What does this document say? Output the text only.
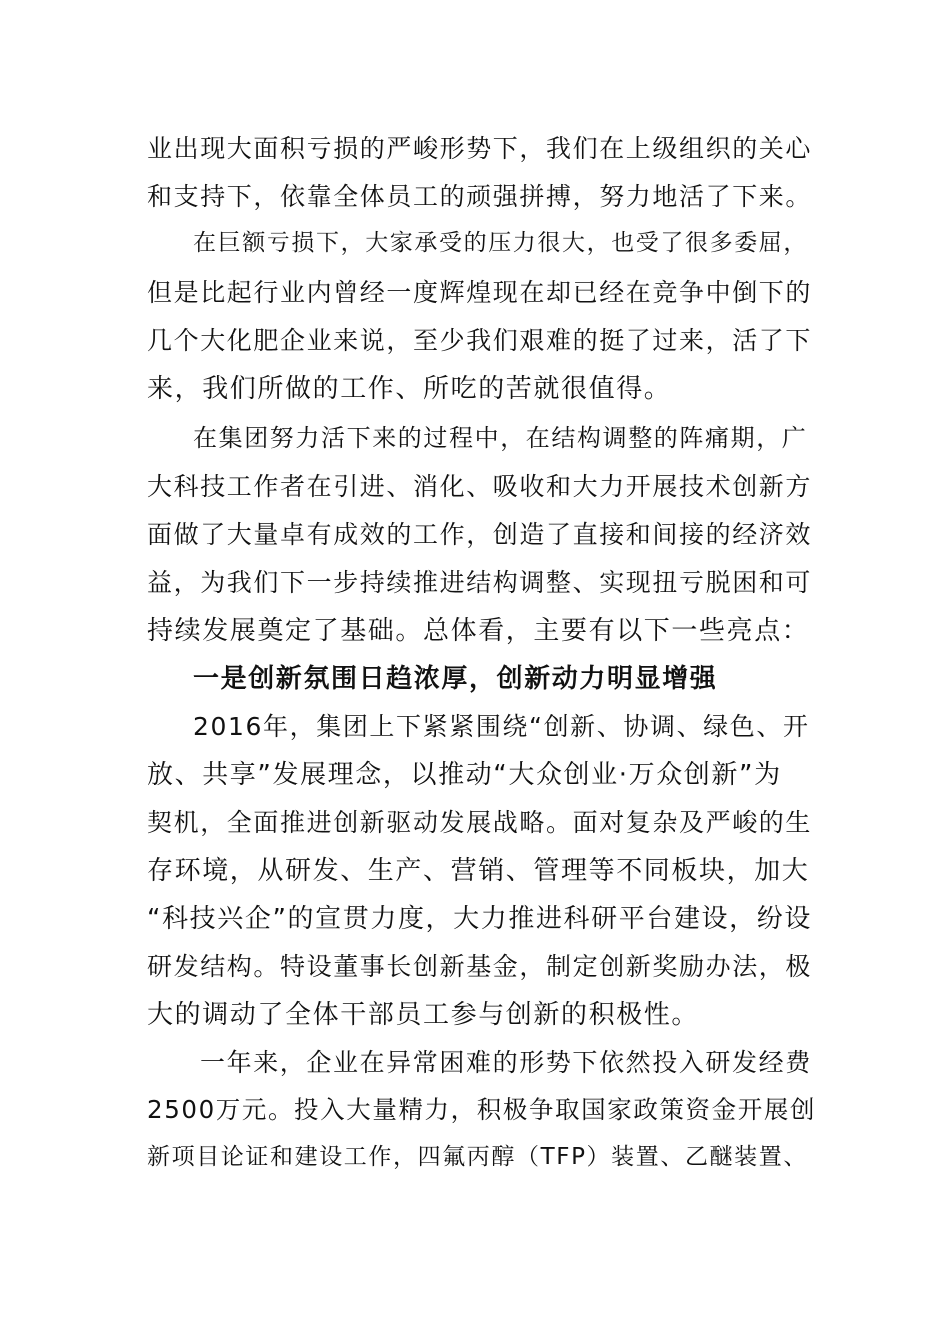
业出现大面积亏损的严峻形势下，我们在上级组织的关心
和支持下，依靠全体员工的顽强拼搏，努力地活了下来。
在巨额亏损下，大家承受的压力很大，也受了很多委屈，
但是比起行业内曾经一度辉煌现在却已经在竞争中倒下的
几个大化肥企业来说，至少我们艰难的挺了过来，活了下
来，我们所做的工作、所吃的苦就很值得。
在集团努力活下来的过程中，在结构调整的阵痛期，广
大科技工作者在引进、消化、吸收和大力开展技术创新方
面做了大量卓有成效的工作，创造了直接和间接的经济效
益，为我们下一步持续推进结构调整、实现扭亏脱困和可
持续发展奠定了基础。总体看，主要有以下一些亮点：
一是创新氛围日趋浓厚，创新动力明显增强
2016年，集团上下紧紧围绕“创新、协调、绿色、开
放、共享”发展理念，以推动“大众创业·万众创新”为
契机，全面推进创新驱动发展战略。面对复杂及严峻的生
存环境，从研发、生产、营销、管理等不同板块，加大
“科技兴企”的宣贯力度，大力推进科研平台建设，纷设
研发结构。特设董事长创新基金，制定创新奖励办法，极
大的调动了全体干部员工参与创新的积极性。
一年来，企业在异常困难的形势下依然投入研发经费
2500万元。投入大量精力，积极争取国家政策资金开展创
新项目论证和建设工作，四氟丙醇（TFP）装置、乙醚装置、
